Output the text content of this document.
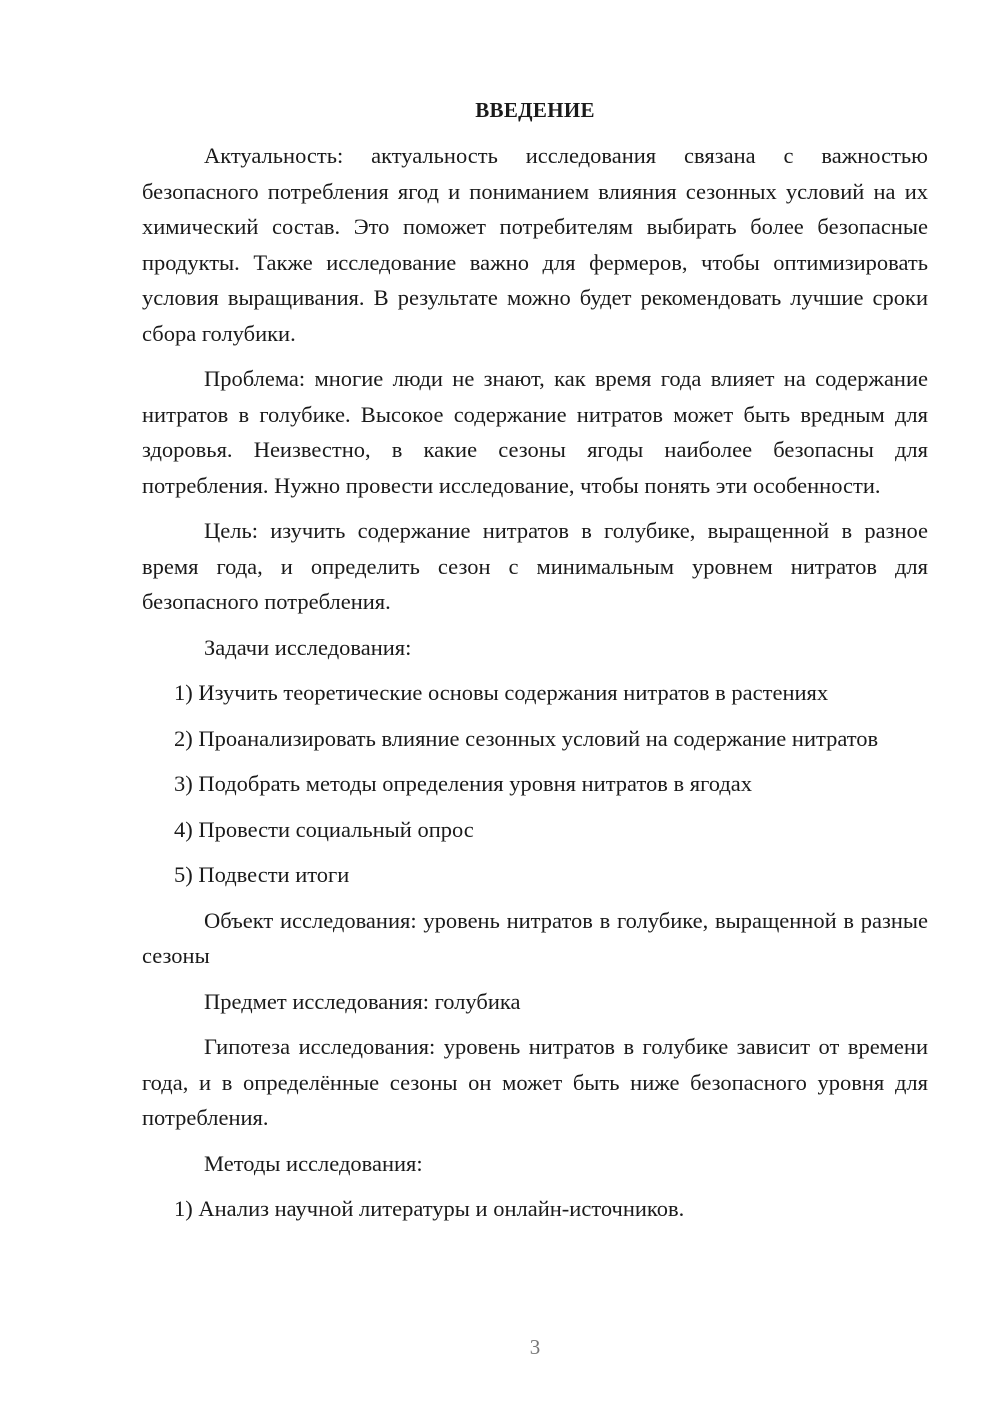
ВВЕДЕНИЕ

Актуальность: актуальность исследования связана с важностью безопасного потребления ягод и пониманием влияния сезонных условий на их химический состав. Это поможет потребителям выбирать более безопасные продукты. Также исследование важно для фермеров, чтобы оптимизировать условия выращивания. В результате можно будет рекомендовать лучшие сроки сбора голубики.

Проблема: многие люди не знают, как время года влияет на содержание нитратов в голубике. Высокое содержание нитратов может быть вредным для здоровья. Неизвестно, в какие сезоны ягоды наиболее безопасны для потребления. Нужно провести исследование, чтобы понять эти особенности.

Цель: изучить содержание нитратов в голубике, выращенной в разное время года, и определить сезон с минимальным уровнем нитратов для безопасного потребления.

Задачи исследования:

1) Изучить теоретические основы содержания нитратов в растениях

2) Проанализировать влияние сезонных условий на содержание нитратов

3) Подобрать методы определения уровня нитратов в ягодах

4) Провести социальный опрос

5) Подвести итоги

Объект исследования: уровень нитратов в голубике, выращенной в разные сезоны

Предмет исследования: голубика

Гипотеза исследования: уровень нитратов в голубике зависит от времени года, и в определённые сезоны он может быть ниже безопасного уровня для потребления.

Методы исследования:

1) Анализ научной литературы и онлайн-источников.

3
